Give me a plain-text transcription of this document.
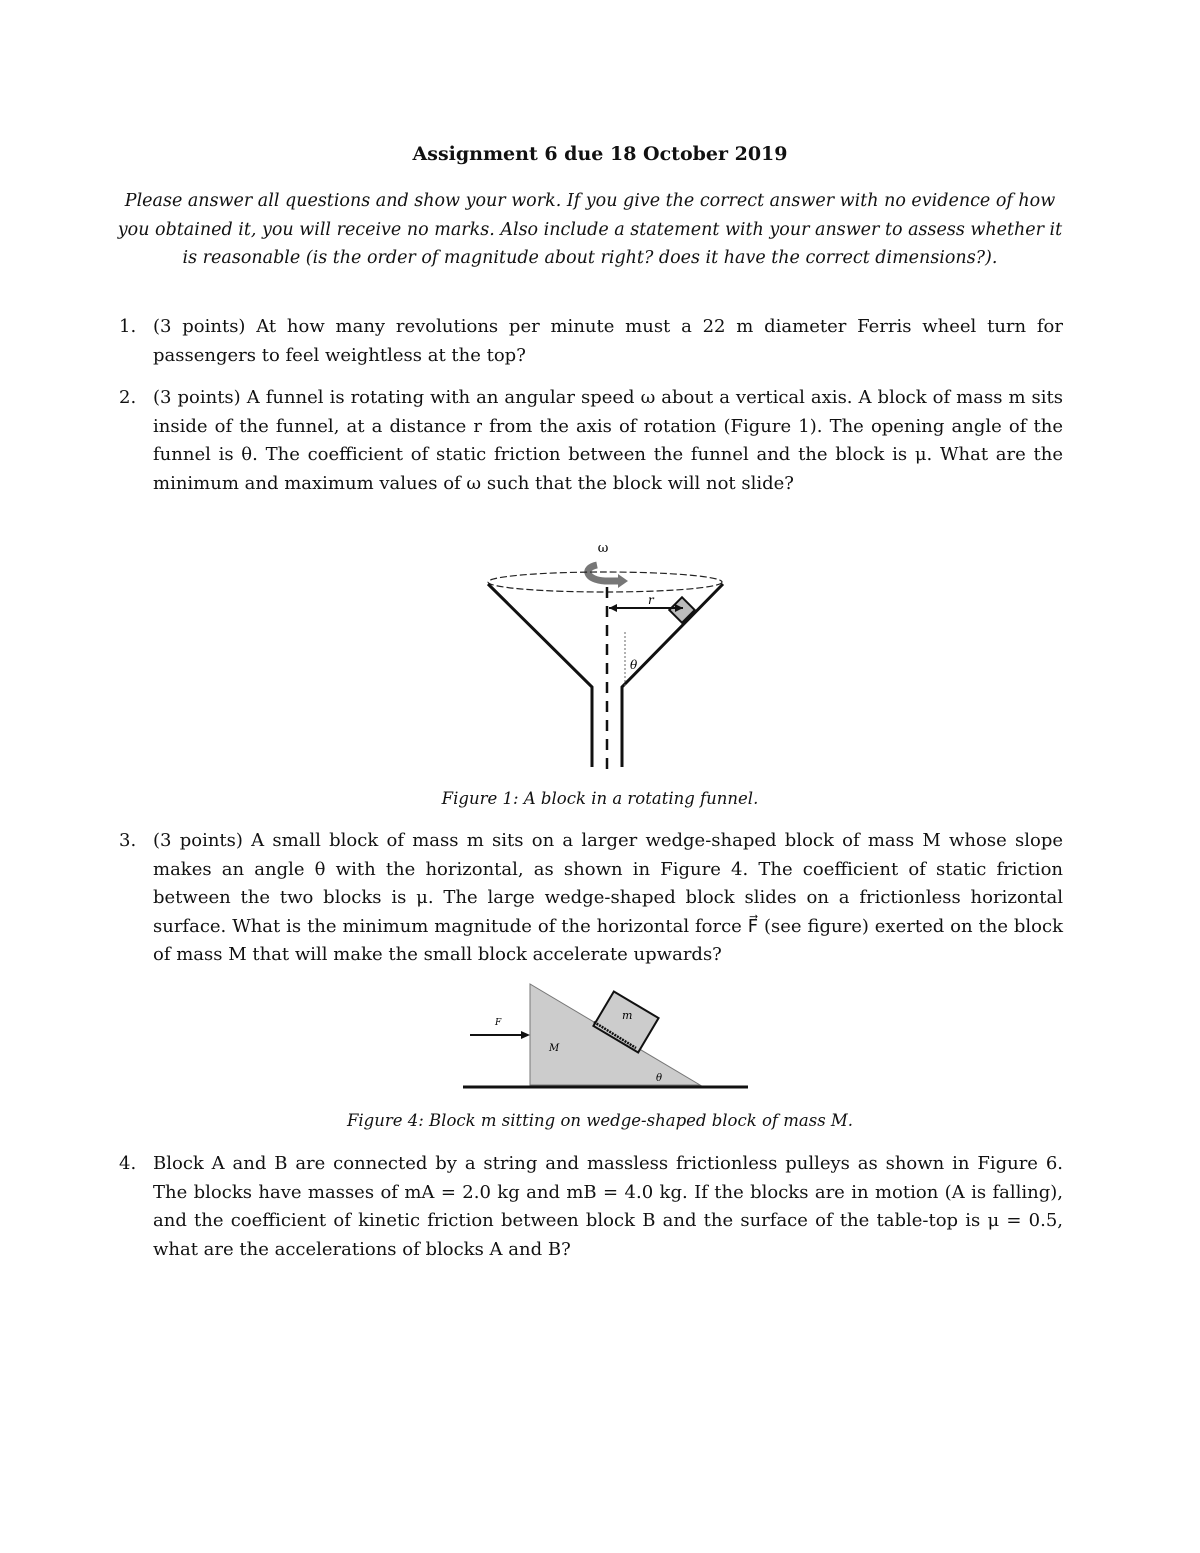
Assignment 6 due 18 October 2019
Please answer all questions and show your work. If you give the correct answer with no evidence of how you obtained it, you will receive no marks. Also include a statement with your answer to assess whether it is reasonable (is the order of magnitude about right? does it have the correct dimensions?).
1. (3 points) At how many revolutions per minute must a 22 m diameter Ferris wheel turn for passengers to feel weightless at the top?
2. (3 points) A funnel is rotating with an angular speed ω about a vertical axis. A block of mass m sits inside of the funnel, at a distance r from the axis of rotation (Figure 1). The opening angle of the funnel is θ. The coefficient of static friction between the funnel and the block is μ. What are the minimum and maximum values of ω such that the block will not slide?
ω
r
θ
Figure 1: A block in a rotating funnel.
3. (3 points) A small block of mass m sits on a larger wedge-shaped block of mass M whose slope makes an angle θ with the horizontal, as shown in Figure 4. The coefficient of static friction between the two blocks is μ. The large wedge-shaped block slides on a frictionless horizontal surface. What is the minimum magnitude of the horizontal force F⃗ (see figure) exerted on the block of mass M that will make the small block accelerate upwards?
F
m
M
θ
Figure 4: Block m sitting on wedge-shaped block of mass M.
4. Block A and B are connected by a string and massless frictionless pulleys as shown in Figure 6. The blocks have masses of mA = 2.0 kg and mB = 4.0 kg. If the blocks are in motion (A is falling), and the coefficient of kinetic friction between block B and the surface of the table-top is μ = 0.5, what are the accelerations of blocks A and B?
